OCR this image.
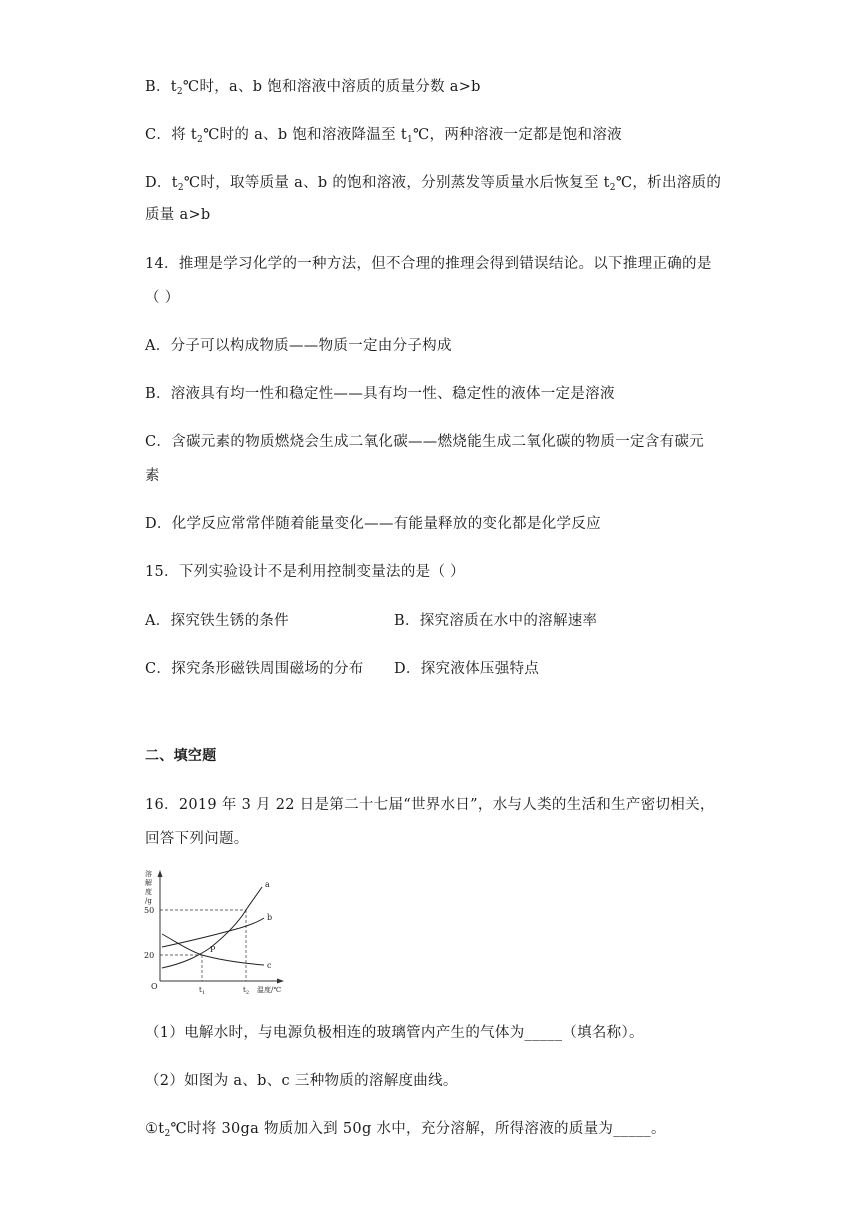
B．$t_2℃$时，a、b 饱和溶液中溶质的质量分数 a>b
C．将 $t_2℃$时的 a、b 饱和溶液降温至 $t_1℃$，两种溶液一定都是饱和溶液
D．$t_2℃$时，取等质量 a、b 的饱和溶液，分别蒸发等质量水后恢复至 $t_2℃$，析出溶质的
质量 a>b
14．推理是学习化学的一种方法，但不合理的推理会得到错误结论。以下推理正确的是
（ ）
A．分子可以构成物质——物质一定由分子构成
B．溶液具有均一性和稳定性——具有均一性、稳定性的液体一定是溶液
C．含碳元素的物质燃烧会生成二氧化碳——燃烧能生成二氧化碳的物质一定含有碳元
素
D．化学反应常常伴随着能量变化——有能量释放的变化都是化学反应
15．下列实验设计不是利用控制变量法的是（ ）
A．探究铁生锈的条件	B．探究溶质在水中的溶解速率
C．探究条形磁铁周围磁场的分布 D．探究液体压强特点
二、填空题
16．2019 年 3 月 22 日是第二十七届“世界水日”，水与人类的生活和生产密切相关，
回答下列问题。
溶
解
度
/g
50
20
O	$t_1$	$t_2$ 温度/℃
P
a
b
c
（1）电解水时，与电源负极相连的玻璃管内产生的气体为_____（填名称）。
（2）如图为 a、b、c 三种物质的溶解度曲线。
$①t_2℃$时将 30ga 物质加入到 50g 水中，充分溶解，所得溶液的质量为_____。
